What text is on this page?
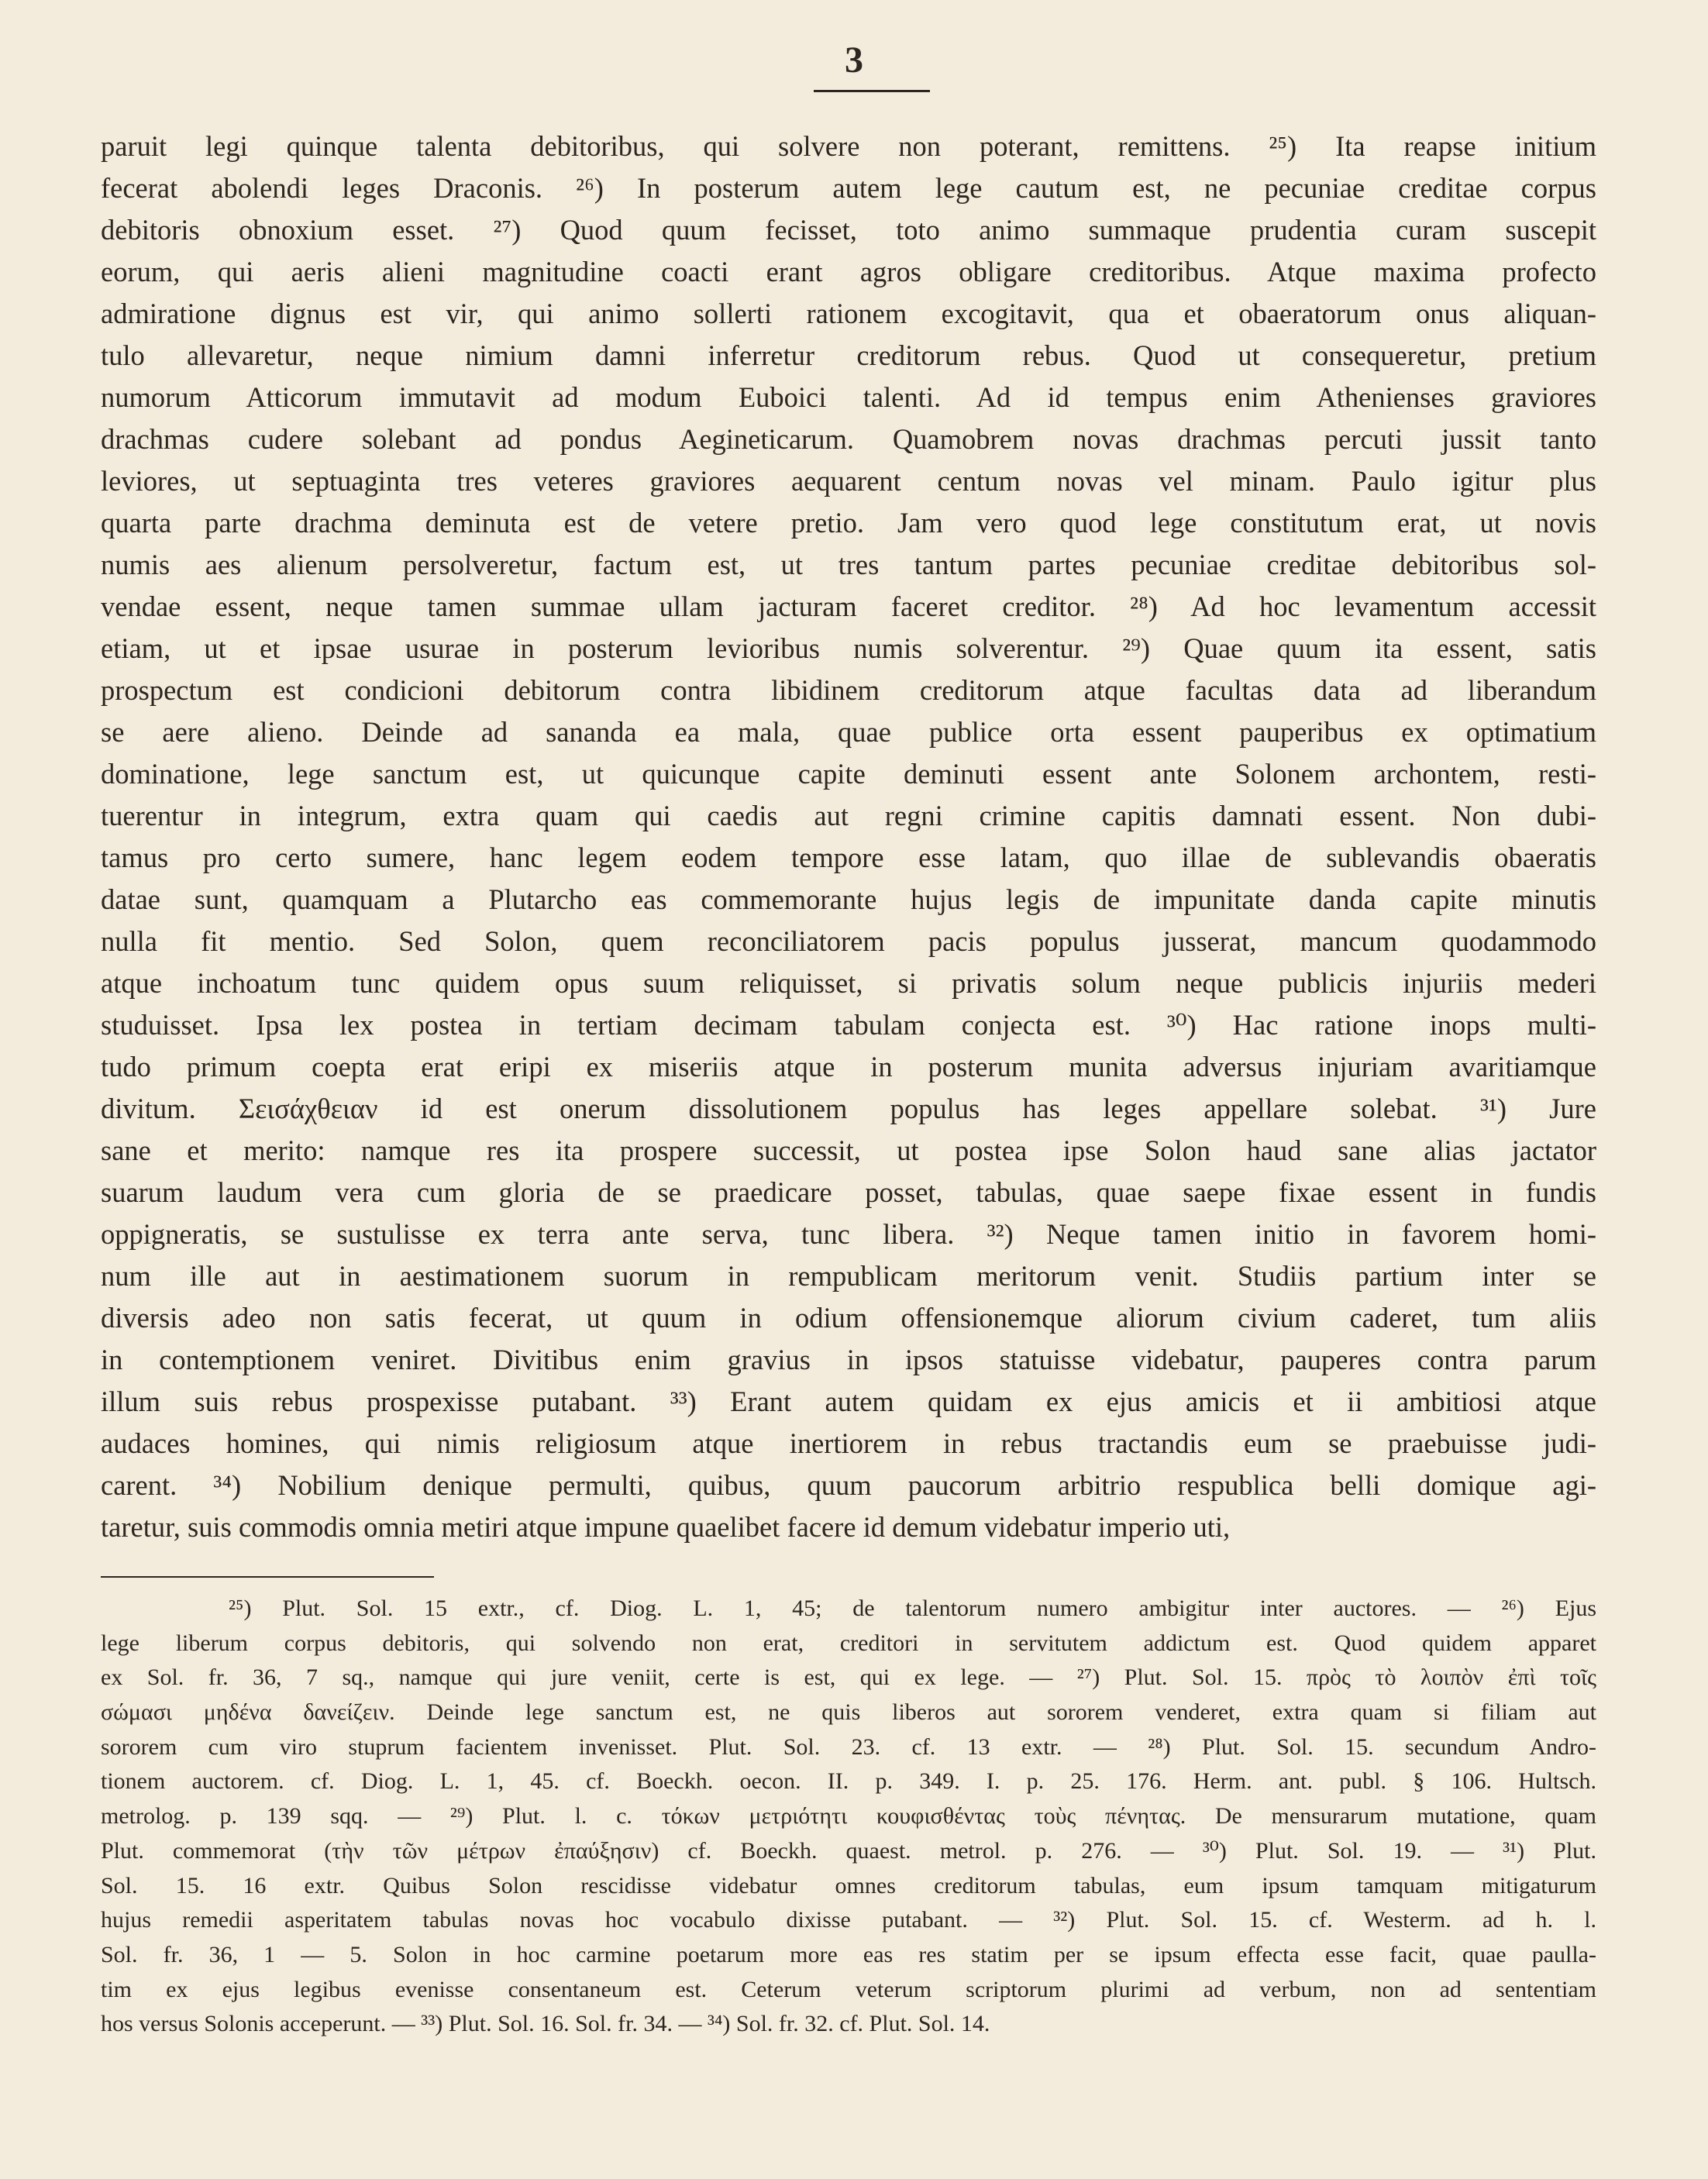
3
paruit legi quinque talenta debitoribus, qui solvere non poterant, remittens. ²⁵) Ita reapse initium
fecerat abolendi leges Draconis. ²⁶) In posterum autem lege cautum est, ne pecuniae creditae corpus
debitoris obnoxium esset. ²⁷) Quod quum fecisset, toto animo summaque prudentia curam suscepit
eorum, qui aeris alieni magnitudine coacti erant agros obligare creditoribus. Atque maxima profecto
admiratione dignus est vir, qui animo sollerti rationem excogitavit, qua et obaeratorum onus aliquan-
tulo allevaretur, neque nimium damni inferretur creditorum rebus. Quod ut consequeretur, pretium
numorum Atticorum immutavit ad modum Euboici talenti. Ad id tempus enim Athenienses graviores
drachmas cudere solebant ad pondus Aegineticarum. Quamobrem novas drachmas percuti jussit tanto
leviores, ut septuaginta tres veteres graviores aequarent centum novas vel minam. Paulo igitur plus
quarta parte drachma deminuta est de vetere pretio. Jam vero quod lege constitutum erat, ut novis
numis aes alienum persolveretur, factum est, ut tres tantum partes pecuniae creditae debitoribus sol-
vendae essent, neque tamen summae ullam jacturam faceret creditor. ²⁸) Ad hoc levamentum accessit
etiam, ut et ipsae usurae in posterum levioribus numis solverentur. ²⁹) Quae quum ita essent, satis
prospectum est condicioni debitorum contra libidinem creditorum atque facultas data ad liberandum
se aere alieno. Deinde ad sananda ea mala, quae publice orta essent pauperibus ex optimatium
dominatione, lege sanctum est, ut quicunque capite deminuti essent ante Solonem archontem, resti-
tuerentur in integrum, extra quam qui caedis aut regni crimine capitis damnati essent. Non dubi-
tamus pro certo sumere, hanc legem eodem tempore esse latam, quo illae de sublevandis obaeratis
datae sunt, quamquam a Plutarcho eas commemorante hujus legis de impunitate danda capite minutis
nulla fit mentio. Sed Solon, quem reconciliatorem pacis populus jusserat, mancum quodammodo
atque inchoatum tunc quidem opus suum reliquisset, si privatis solum neque publicis injuriis mederi
studuisset. Ipsa lex postea in tertiam decimam tabulam conjecta est. ³⁰) Hac ratione inops multi-
tudo primum coepta erat eripi ex miseriis atque in posterum munita adversus injuriam avaritiamque
divitum. Σεισάχθειαν id est onerum dissolutionem populus has leges appellare solebat. ³¹) Jure
sane et merito: namque res ita prospere successit, ut postea ipse Solon haud sane alias jactator
suarum laudum vera cum gloria de se praedicare posset, tabulas, quae saepe fixae essent in fundis
oppigneratis, se sustulisse ex terra ante serva, tunc libera. ³²) Neque tamen initio in favorem homi-
num ille aut in aestimationem suorum in rempublicam meritorum venit. Studiis partium inter se
diversis adeo non satis fecerat, ut quum in odium offensionemque aliorum civium caderet, tum aliis
in contemptionem veniret. Divitibus enim gravius in ipsos statuisse videbatur, pauperes contra parum
illum suis rebus prospexisse putabant. ³³) Erant autem quidam ex ejus amicis et ii ambitiosi atque
audaces homines, qui nimis religiosum atque inertiorem in rebus tractandis eum se praebuisse judi-
carent. ³⁴) Nobilium denique permulti, quibus, quum paucorum arbitrio respublica belli domique agi-
taretur, suis commodis omnia metiri atque impune quaelibet facere id demum videbatur imperio uti,
²⁵) Plut. Sol. 15 extr., cf. Diog. L. 1, 45; de talentorum numero ambigitur inter auctores. — ²⁶) Ejus
lege liberum corpus debitoris, qui solvendo non erat, creditori in servitutem addictum est. Quod quidem apparet
ex Sol. fr. 36, 7 sq., namque qui jure veniit, certe is est, qui ex lege. — ²⁷) Plut. Sol. 15. πρὸς τὸ λοιπὸν ἐπὶ τοῖς
σώμασι μηδένα δανείζειν. Deinde lege sanctum est, ne quis liberos aut sororem venderet, extra quam si filiam aut
sororem cum viro stuprum facientem invenisset. Plut. Sol. 23. cf. 13 extr. — ²⁸) Plut. Sol. 15. secundum Andro-
tionem auctorem. cf. Diog. L. 1, 45. cf. Boeckh. oecon. II. p. 349. I. p. 25. 176. Herm. ant. publ. § 106. Hultsch.
metrolog. p. 139 sqq. — ²⁹) Plut. l. c. τόκων μετριότητι κουφισθέντας τοὺς πένητας. De mensurarum mutatione, quam
Plut. commemorat (τὴν τῶν μέτρων ἐπαύξησιν) cf. Boeckh. quaest. metrol. p. 276. — ³⁰) Plut. Sol. 19. — ³¹) Plut.
Sol. 15. 16 extr. Quibus Solon rescidisse videbatur omnes creditorum tabulas, eum ipsum tamquam mitigaturum
hujus remedii asperitatem tabulas novas hoc vocabulo dixisse putabant. — ³²) Plut. Sol. 15. cf. Westerm. ad h. l.
Sol. fr. 36, 1 — 5. Solon in hoc carmine poetarum more eas res statim per se ipsum effecta esse facit, quae paulla-
tim ex ejus legibus evenisse consentaneum est. Ceterum veterum scriptorum plurimi ad verbum, non ad sententiam
hos versus Solonis acceperunt. — ³³) Plut. Sol. 16. Sol. fr. 34. — ³⁴) Sol. fr. 32. cf. Plut. Sol. 14.
